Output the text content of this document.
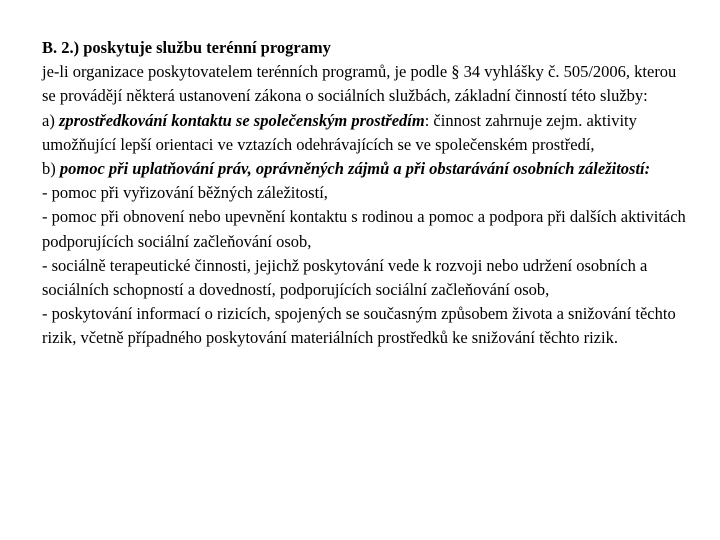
B. 2.) poskytuje službu terénní programy

je-li organizace poskytovatelem terénních programů, je podle § 34 vyhlášky č. 505/2006, kterou se provádějí některá ustanovení zákona o sociálních službách, základní činností této služby:

a) zprostředkování kontaktu se společenským prostředím: činnost zahrnuje zejm. aktivity umožňující lepší orientaci ve vztazích odehrávajících se ve společenském prostředí,

b) pomoc při uplatňování práv, oprávněných zájmů a při obstarávání osobních záležitostí:

- pomoc při vyřizování běžných záležitostí,

- pomoc při obnovení nebo upevnění kontaktu s rodinou a pomoc a podpora při dalších aktivitách podporujících sociální začleňování osob,

- sociálně terapeutické činnosti, jejichž poskytování vede k rozvoji nebo udržení osobních a sociálních schopností a dovedností, podporujících sociální začleňování osob,

- poskytování informací o rizicích, spojených se současným způsobem života a snižování těchto rizik, včetně případného poskytování materiálních prostředků ke snižování těchto rizik.
